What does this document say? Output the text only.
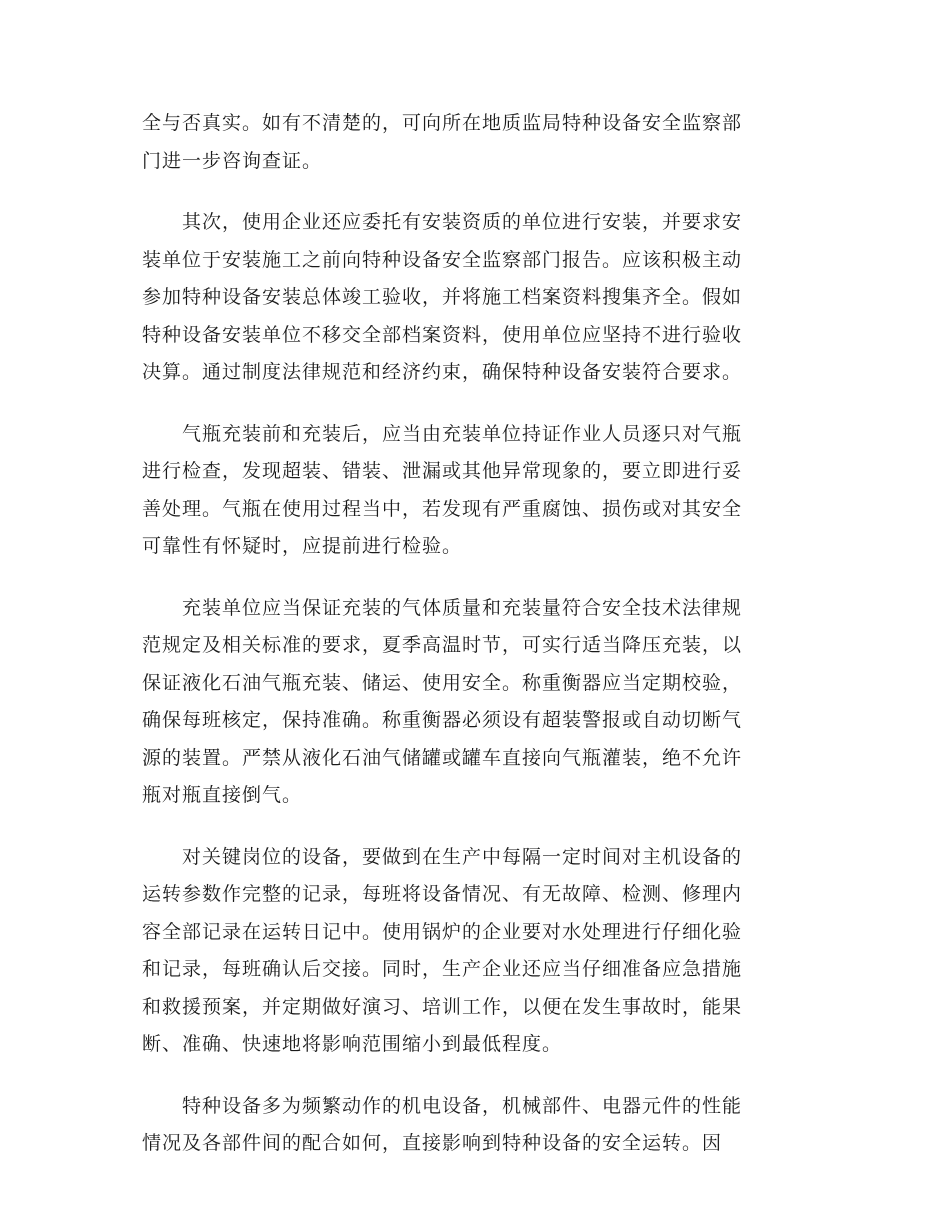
全与否真实。如有不清楚的，可向所在地质监局特种设备安全监察部
门进一步咨询查证。

　　其次，使用企业还应委托有安装资质的单位进行安装，并要求安
装单位于安装施工之前向特种设备安全监察部门报告。应该积极主动
参加特种设备安装总体竣工验收，并将施工档案资料搜集齐全。假如
特种设备安装单位不移交全部档案资料，使用单位应坚持不进行验收
决算。通过制度法律规范和经济约束，确保特种设备安装符合要求。

　　气瓶充装前和充装后，应当由充装单位持证作业人员逐只对气瓶
进行检查，发现超装、错装、泄漏或其他异常现象的，要立即进行妥
善处理。气瓶在使用过程当中，若发现有严重腐蚀、损伤或对其安全
可靠性有怀疑时，应提前进行检验。

　　充装单位应当保证充装的气体质量和充装量符合安全技术法律规
范规定及相关标准的要求，夏季高温时节，可实行适当降压充装，以
保证液化石油气瓶充装、储运、使用安全。称重衡器应当定期校验，
确保每班核定，保持准确。称重衡器必须设有超装警报或自动切断气
源的装置。严禁从液化石油气储罐或罐车直接向气瓶灌装，绝不允许
瓶对瓶直接倒气。

　　对关键岗位的设备，要做到在生产中每隔一定时间对主机设备的
运转参数作完整的记录，每班将设备情况、有无故障、检测、修理内
容全部记录在运转日记中。使用锅炉的企业要对水处理进行仔细化验
和记录，每班确认后交接。同时，生产企业还应当仔细准备应急措施
和救援预案，并定期做好演习、培训工作，以便在发生事故时，能果
断、准确、快速地将影响范围缩小到最低程度。

　　特种设备多为频繁动作的机电设备，机械部件、电器元件的性能
情况及各部件间的配合如何，直接影响到特种设备的安全运转。因
